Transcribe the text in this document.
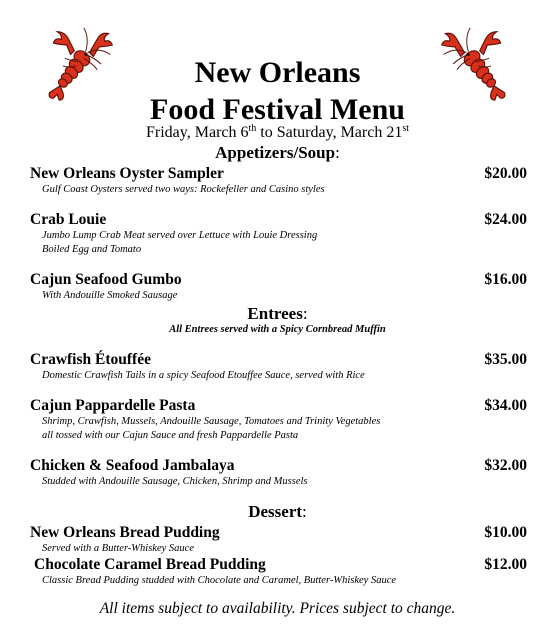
New Orleans
Food Festival Menu
Friday, March 6th to Saturday, March 21st
Appetizers/Soup:
New Orleans Oyster Sampler	$20.00
Gulf Coast Oysters served two ways: Rockefeller and Casino styles
Crab Louie	$24.00
Jumbo Lump Crab Meat served over Lettuce with Louie Dressing
Boiled Egg and Tomato
Cajun Seafood Gumbo	$16.00
With Andouille Smoked Sausage
Entrees:
All Entrees served with a Spicy Cornbread Muffin
Crawfish Étouffée	$35.00
Domestic Crawfish Tails in a spicy Seafood Etouffee Sauce, served with Rice
Cajun Pappardelle Pasta	$34.00
Shrimp, Crawfish, Mussels, Andouille Sausage, Tomatoes and Trinity Vegetables
all tossed with our Cajun Sauce and fresh Pappardelle Pasta
Chicken & Seafood Jambalaya	$32.00
Studded with Andouille Sausage, Chicken, Shrimp and Mussels
Dessert:
New Orleans Bread Pudding	$10.00
Served with a Butter-Whiskey Sauce
Chocolate Caramel Bread Pudding	$12.00
Classic Bread Pudding studded with Chocolate and Caramel, Butter-Whiskey Sauce
All items subject to availability. Prices subject to change.
